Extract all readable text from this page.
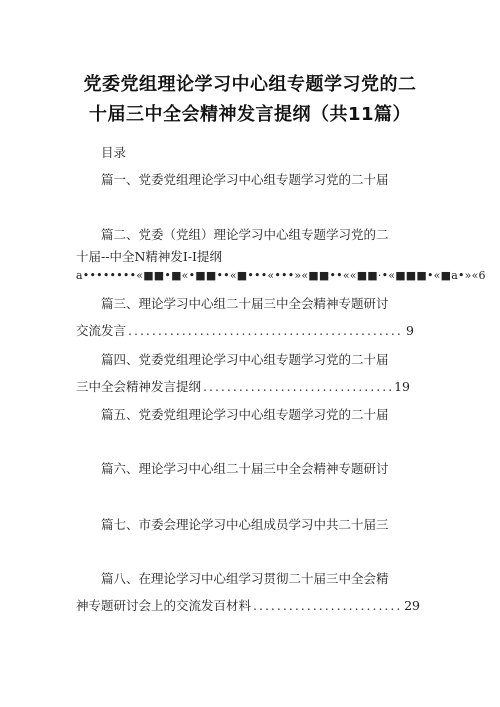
党委党组理论学习中心组专题学习党的二
十届三中全会精神发言提纲（共11篇）
目录
篇一、党委党组理论学习中心组专题学习党的二十届
篇二、党委（党组）理论学习中心组专题学习党的二
十届--中全N精神发I-I提纲
a••••••••«■■•■«•■■••«■•••«•••»«■■••««■■·•«■■■•«■a•»«6
篇三、理论学习中心组二十届三中全会精神专题研讨
交流发言 .....	9
篇四、党委党组理论学习中心组专题学习党的二十届
三中全会精神发言提纲 .....	19
篇五、党委党组理论学习中心组专题学习党的二十届
篇六、理论学习中心组二十届三中全会精神专题研讨
篇七、市委会理论学习中心组成员学习中共二十届三
篇八、在理论学习中心组学习贯彻二十届三中全会精
神专题研讨会上的交流发百材料 .....	29
